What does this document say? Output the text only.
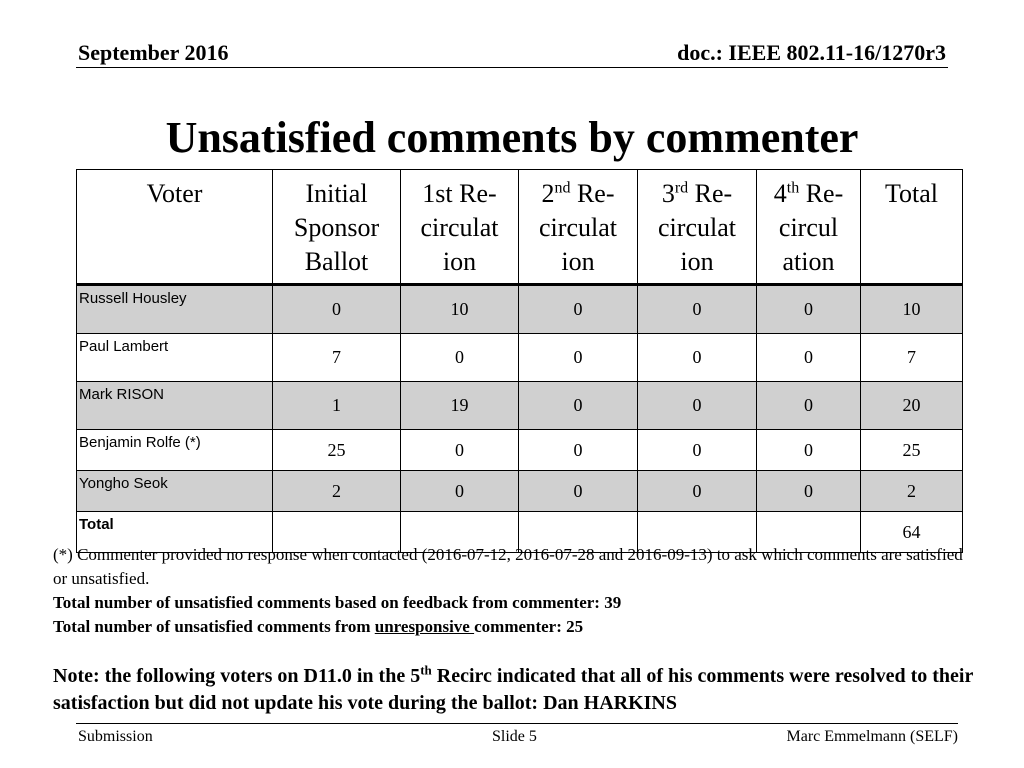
September 2016	doc.: IEEE 802.11-16/1270r3
Unsatisfied comments by commenter
Voter	Initial Sponsor Ballot	1st Re-circulat ion	2nd Re-circulat ion	3rd Re-circulat ion	4th Re-circul ation	Total
Russell Housley	0	10	0	0	0	10
Paul Lambert	7	0	0	0	0	7
Mark RISON	1	19	0	0	0	20
Benjamin Rolfe (*)	25	0	0	0	0	25
Yongho Seok	2	0	0	0	0	2
Total						64
(*) Commenter provided no response when contacted (2016-07-12, 2016-07-28 and 2016-09-13) to ask which comments are satisfied or unsatisfied.
Total number of unsatisfied comments based on feedback from commenter: 39
Total number of unsatisfied comments from unresponsive commenter: 25
Note: the following voters on D11.0 in the 5th Recirc indicated that all of his comments were resolved to their satisfaction but did not update his vote during the ballot: Dan HARKINS
Submission	Slide 5	Marc Emmelmann (SELF)
